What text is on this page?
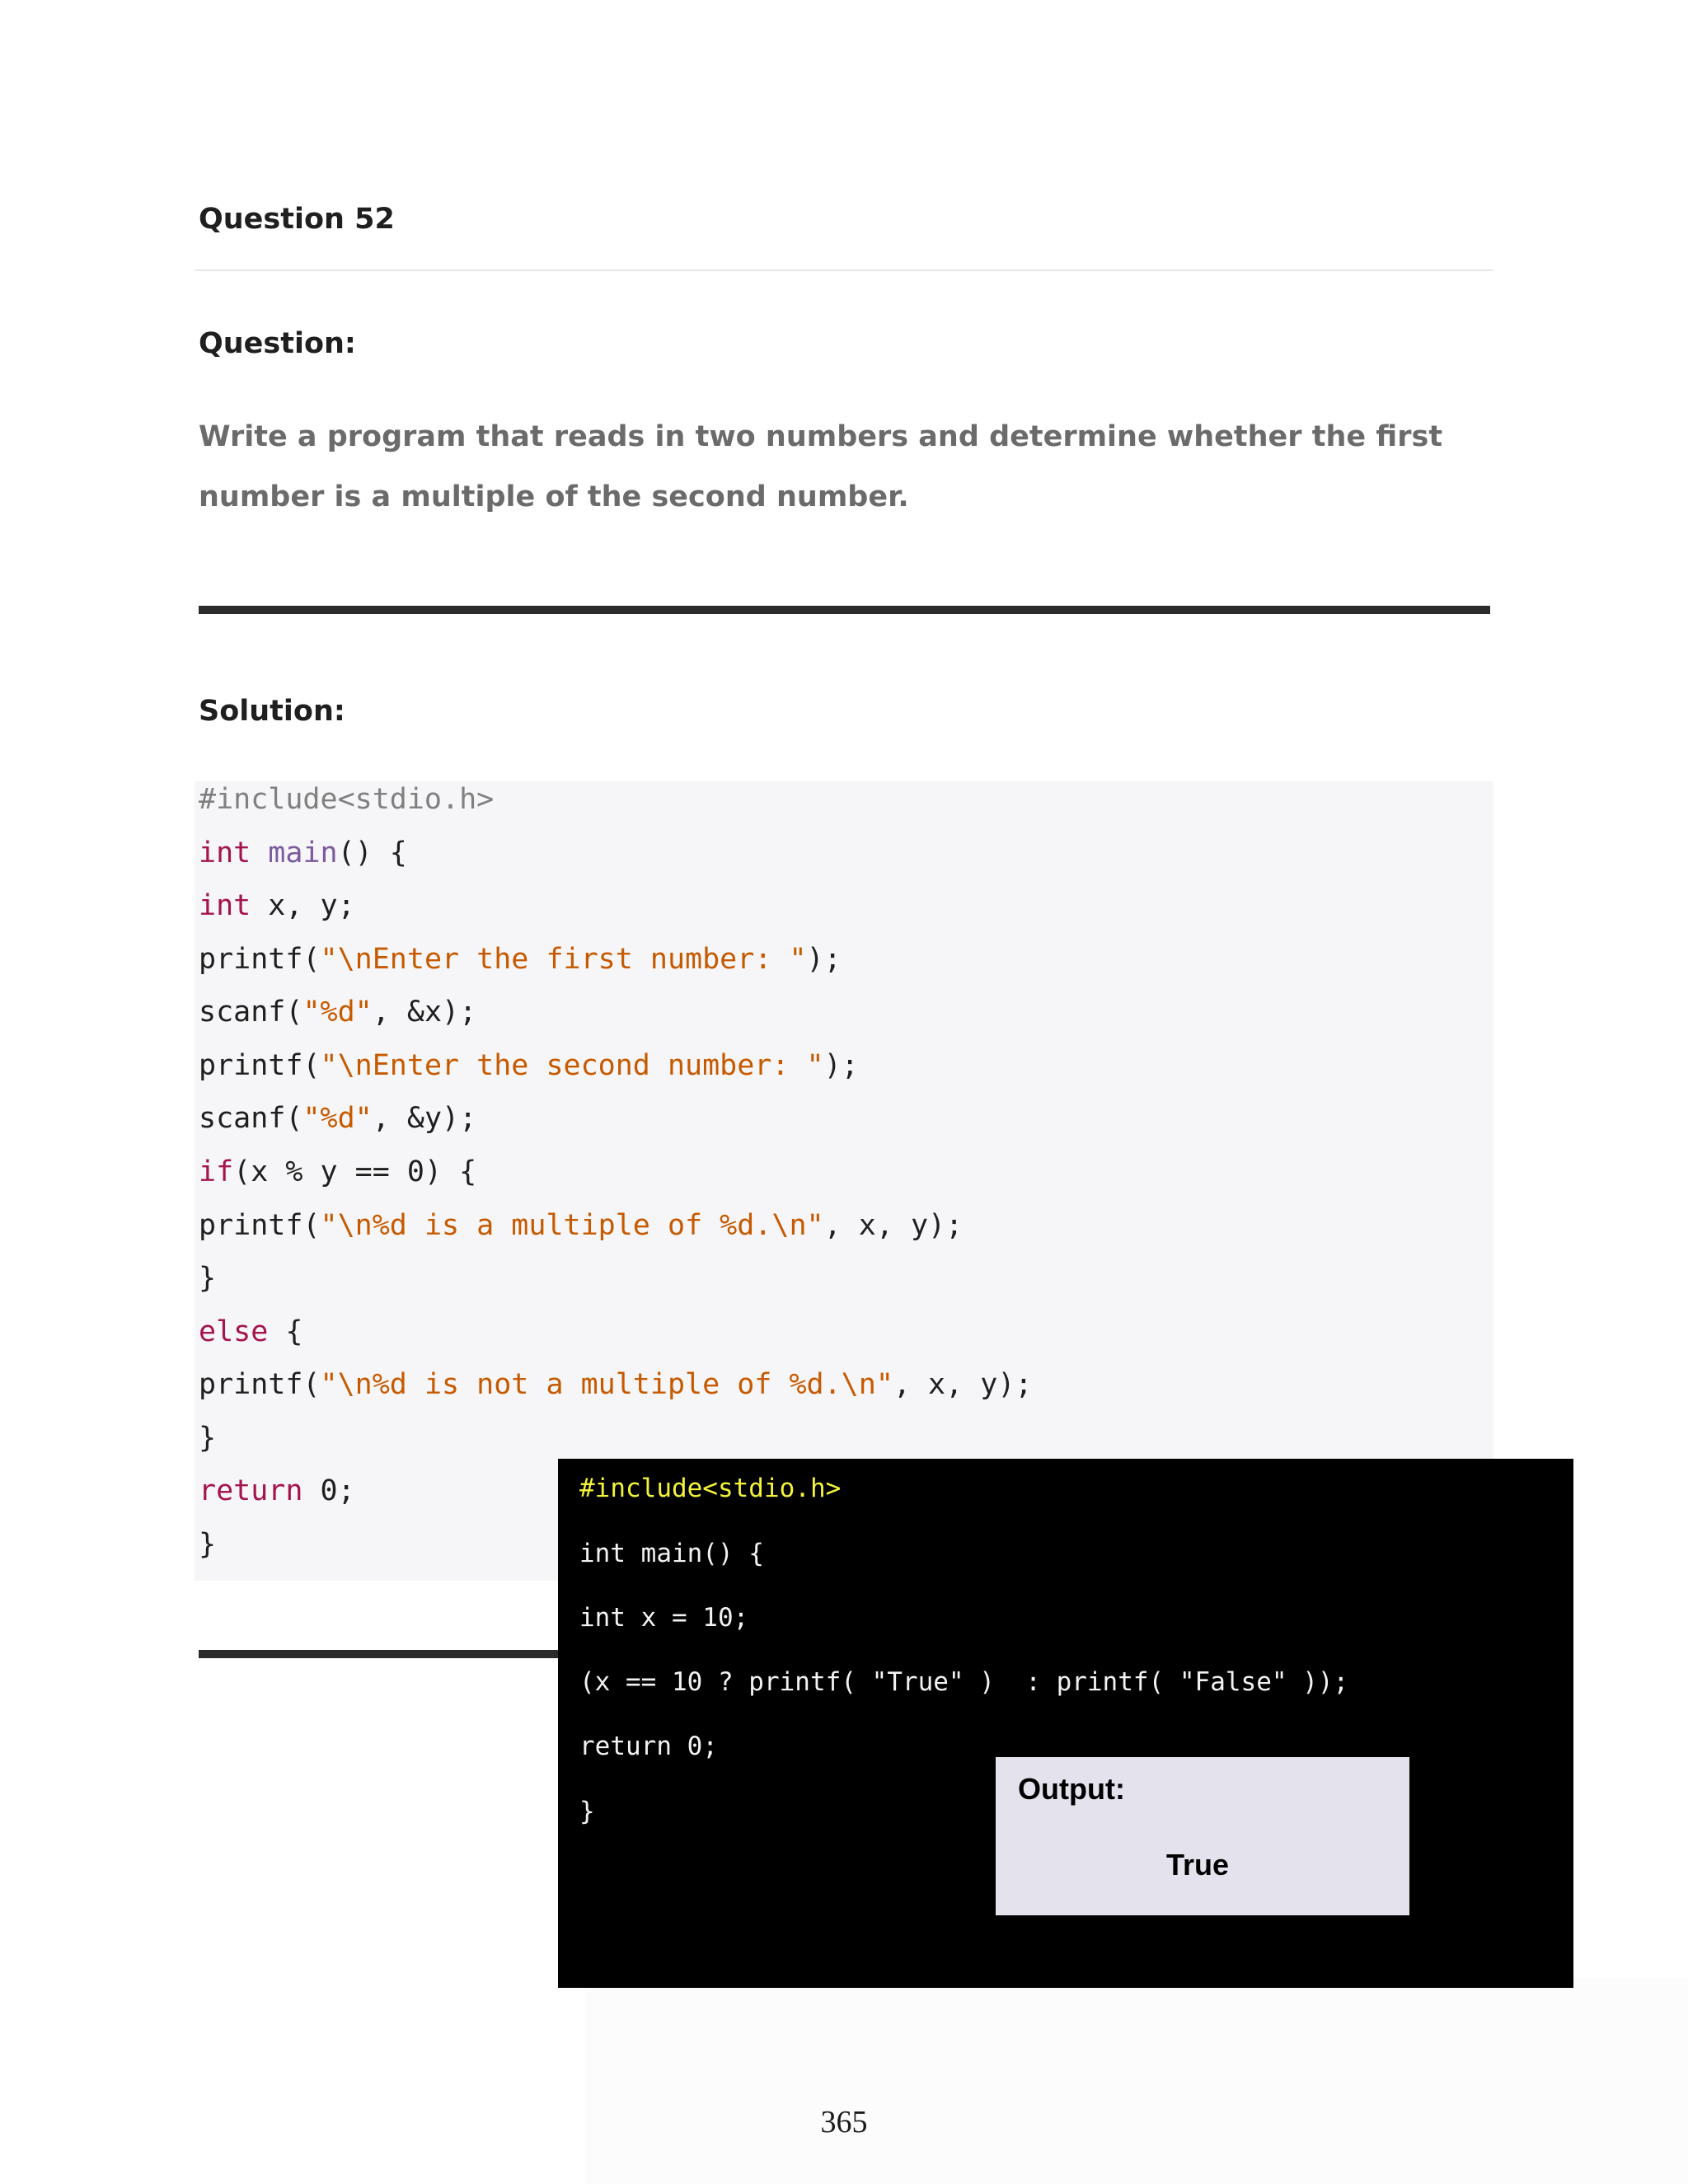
Question 52
Question:
Write a program that reads in two numbers and determine whether the first number is a multiple of the second number.
Solution:
#include<stdio.h>
int main() {
int x, y;
printf("\nEnter the first number: ");
scanf("%d", &x);
printf("\nEnter the second number: ");
scanf("%d", &y);
if(x % y == 0) {
printf("\n%d is a multiple of %d.\n", x, y);
}
else {
printf("\n%d is not a multiple of %d.\n", x, y);
}
return 0;
}
#include<stdio.h>
int main() {
int x = 10;
(x == 10 ? printf( "True" )  : printf( "False" ));
return 0;
}
Output:
True
365
